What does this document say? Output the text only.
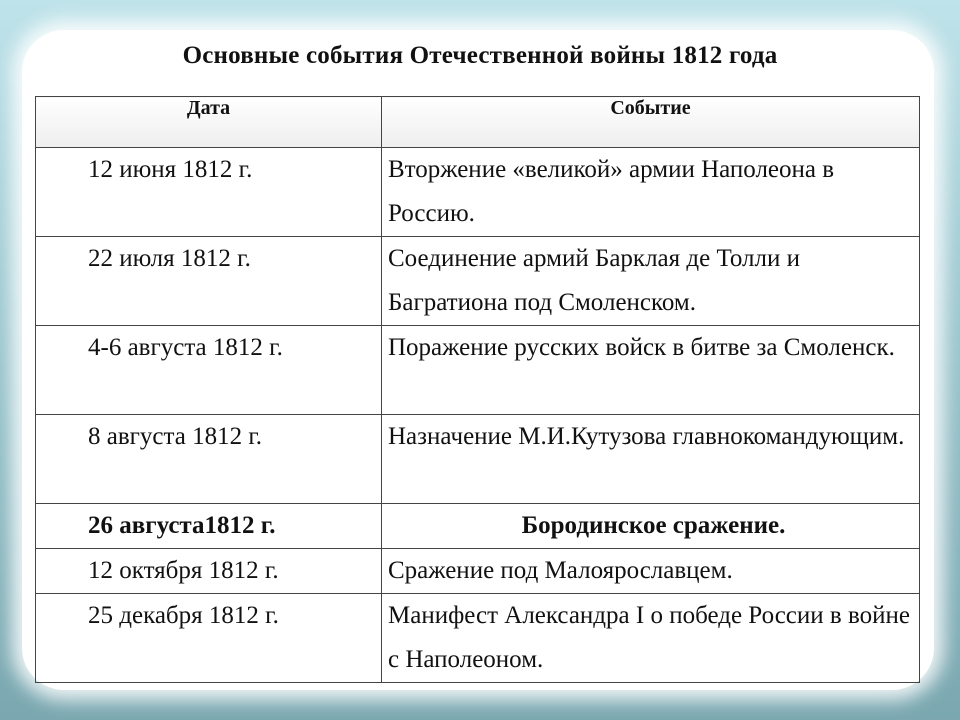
Основные события Отечественной войны 1812 года
Дата	Событие
12 июня 1812 г.	Вторжение «великой» армии Наполеона в Россию.
22 июля 1812 г.	Соединение армий Барклая де Толли и Багратиона под Смоленском.
4-6 августа 1812 г.	Поражение русских войск в битве за Смоленск.
8 августа 1812 г.	Назначение М.И.Кутузова главнокомандующим.
26 августа1812 г.	Бородинское сражение.
12 октября 1812 г.	Сражение под Малоярославцем.
25 декабря 1812 г.	Манифест Александра I о победе России в войне с Наполеоном.
